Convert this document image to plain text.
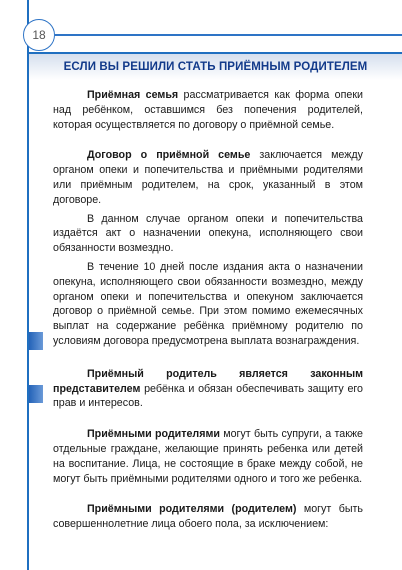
18
ЕСЛИ ВЫ РЕШИЛИ СТАТЬ ПРИЁМНЫМ РОДИТЕЛЕМ

Приёмная семья рассматривается как форма опеки над ребёнком, оставшимся без попечения родителей, которая осуществляется по договору о приёмной семье.

Договор о приёмной семье заключается между органом опеки и попечительства и приёмными родителями или приёмным родителем, на срок, указанный в этом договоре.

В данном случае органом опеки и попечительства издаётся акт о назначении опекуна, исполняющего свои обязанности возмездно.

В течение 10 дней после издания акта о назначении опекуна, исполняющего свои обязанности возмездно, между органом опеки и попечительства и опекуном заключается договор о приёмной семье. При этом помимо ежемесячных выплат на содержание ребёнка приёмному родителю по условиям договора предусмотрена выплата вознаграждения.

Приёмный родитель является законным представителем ребёнка и обязан обеспечивать защиту его прав и интересов.

Приёмными родителями могут быть супруги, а также отдельные граждане, желающие принять ребенка или детей на воспитание. Лица, не состоящие в браке между собой, не могут быть приёмными родителями одного и того же ребенка.

Приёмными родителями (родителем) могут быть совершеннолетние лица обоего пола, за исключением:
